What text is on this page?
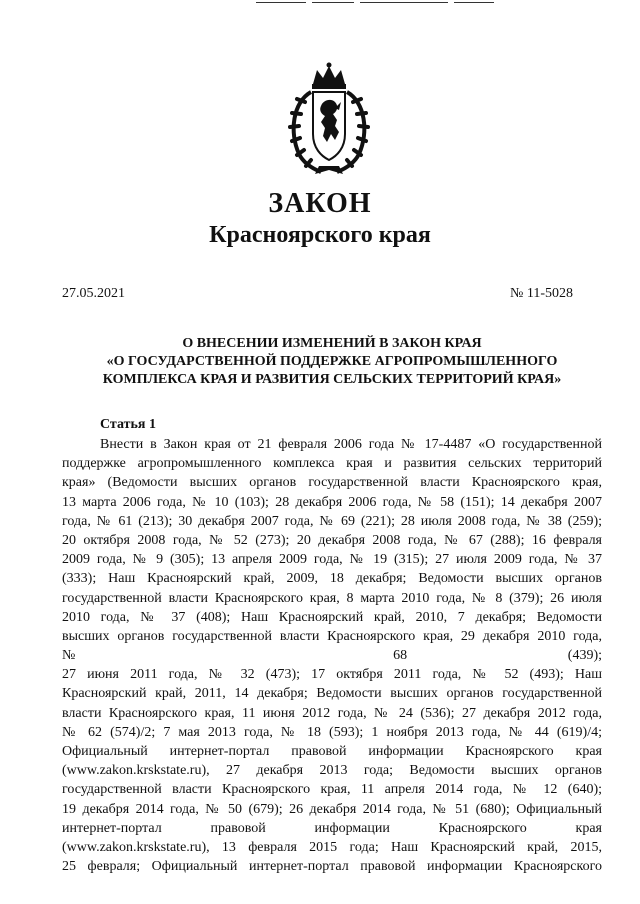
ЗАКОН
Красноярского края
27.05.2021	№ 11-5028
О ВНЕСЕНИИ ИЗМЕНЕНИЙ В ЗАКОН КРАЯ
«О ГОСУДАРСТВЕННОЙ ПОДДЕРЖКЕ АГРОПРОМЫШЛЕННОГО
КОМПЛЕКСА КРАЯ И РАЗВИТИЯ СЕЛЬСКИХ ТЕРРИТОРИЙ КРАЯ»
Статья 1
Внести в Закон края от 21 февраля 2006 года № 17-4487 «О государственной
поддержке агропромышленного комплекса края и развития сельских территорий
края» (Ведомости высших органов государственной власти Красноярского края,
13 марта 2006 года, № 10 (103); 28 декабря 2006 года, № 58 (151); 14 декабря 2007
года, № 61 (213); 30 декабря 2007 года, № 69 (221); 28 июля 2008 года, № 38 (259);
20 октября 2008 года, № 52 (273); 20 декабря 2008 года, № 67 (288); 16 февраля
2009 года, № 9 (305); 13 апреля 2009 года, № 19 (315); 27 июля 2009 года, № 37
(333); Наш Красноярский край, 2009, 18 декабря; Ведомости высших органов
государственной власти Красноярского края, 8 марта 2010 года, № 8 (379); 26 июля
2010 года, № 37 (408); Наш Красноярский край, 2010, 7 декабря; Ведомости
высших органов государственной власти Красноярского края, 29 декабря 2010 года,
№ 68 (439);
27 июня 2011 года, № 32 (473); 17 октября 2011 года, № 52 (493); Наш
Красноярский край, 2011, 14 декабря; Ведомости высших органов государственной
власти Красноярского края, 11 июня 2012 года, № 24 (536); 27 декабря 2012 года,
№ 62 (574)/2; 7 мая 2013 года, № 18 (593); 1 ноября 2013 года, № 44 (619)/4;
Официальный интернет-портал правовой информации Красноярского края
(www.zakon.krskstate.ru), 27 декабря 2013 года; Ведомости высших органов
государственной власти Красноярского края, 11 апреля 2014 года, № 12 (640);
19 декабря 2014 года, № 50 (679); 26 декабря 2014 года, № 51 (680); Официальный
интернет-портал правовой информации Красноярского края
(www.zakon.krskstate.ru), 13 февраля 2015 года; Наш Красноярский край, 2015,
25 февраля; Официальный интернет-портал правовой информации Красноярского
